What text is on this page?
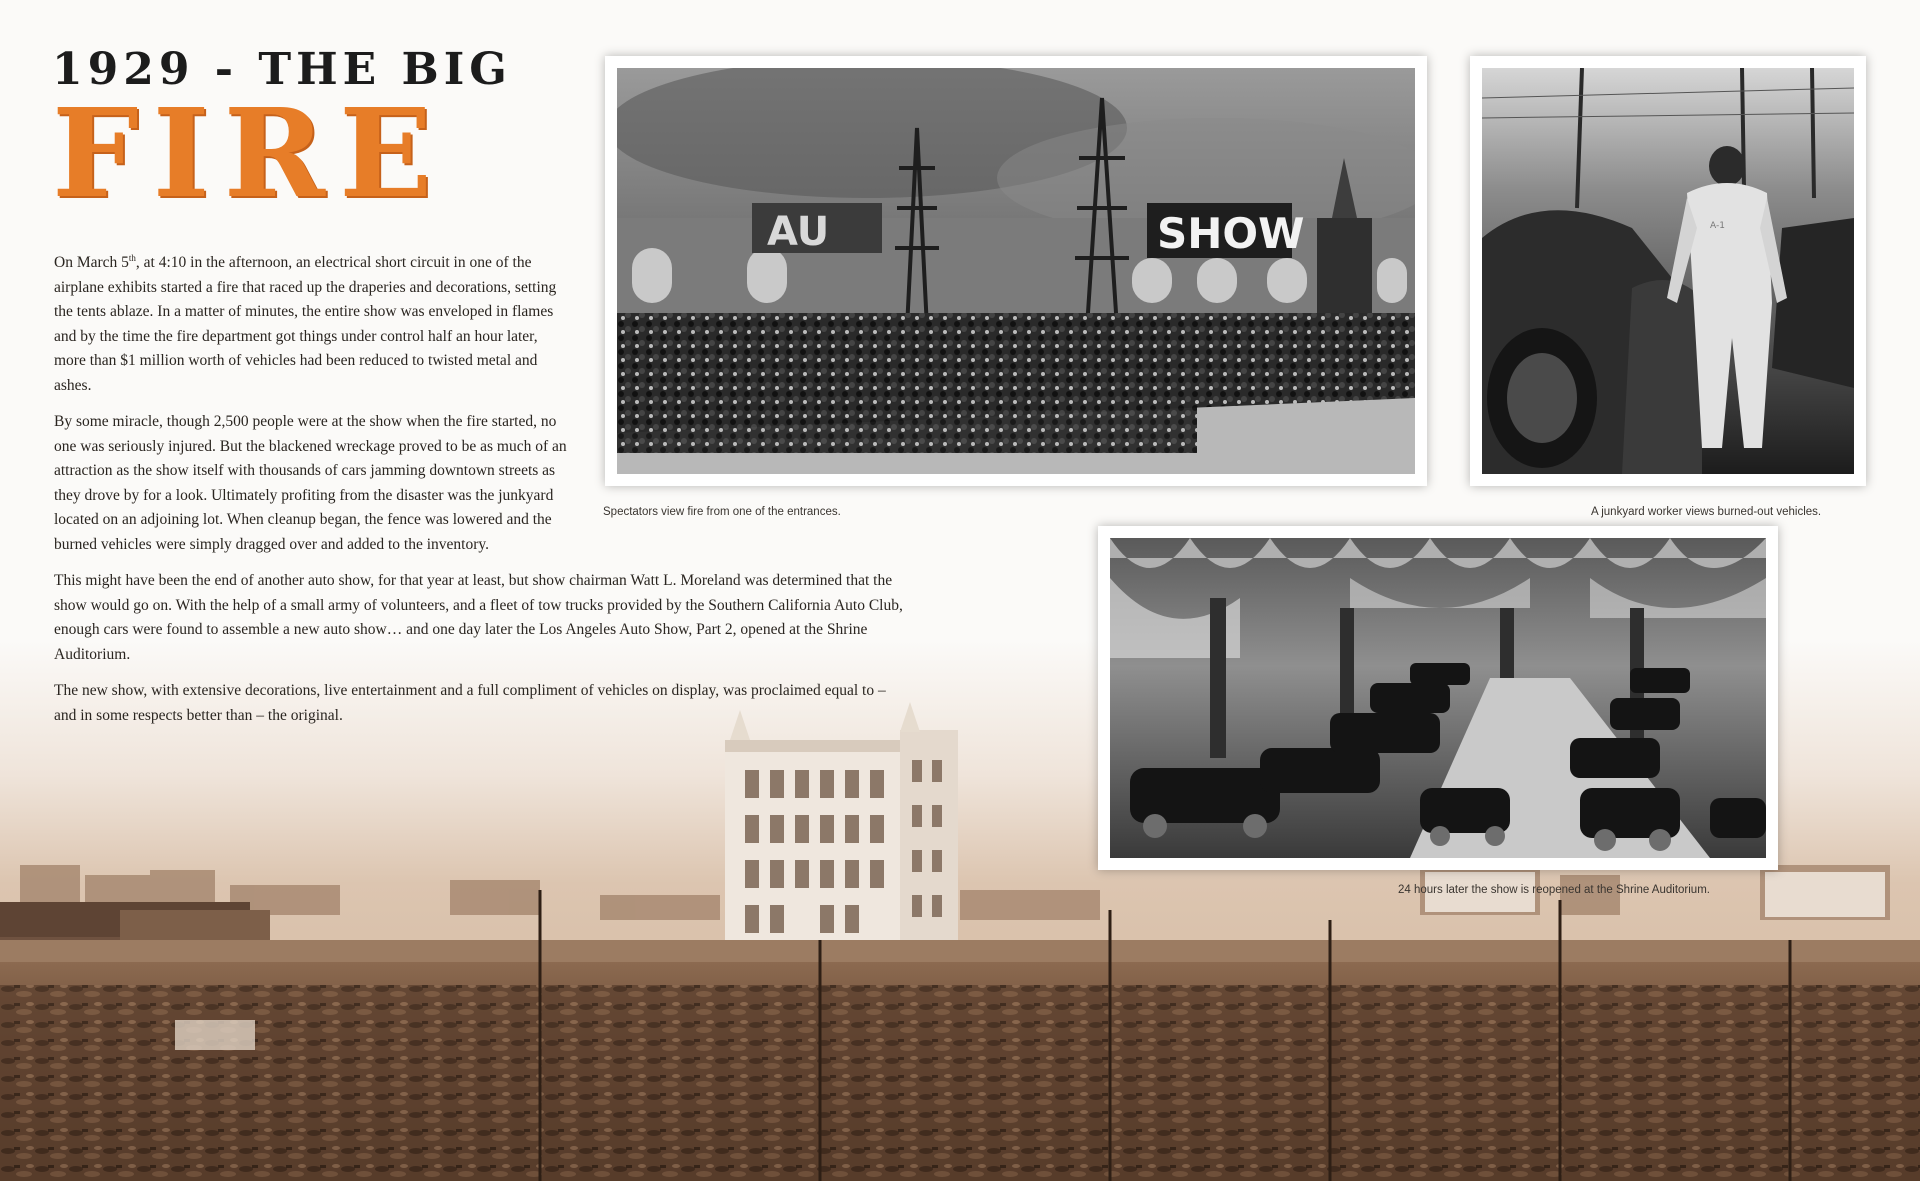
1929 - THE BIG
FIRE

On March 5th, at 4:10 in the afternoon, an electrical short circuit in one of the airplane exhibits started a fire that raced up the draperies and decorations, setting the tents ablaze. In a matter of minutes, the entire show was enveloped in flames and by the time the fire department got things under control half an hour later, more than $1 million worth of vehicles had been reduced to twisted metal and ashes.

By some miracle, though 2,500 people were at the show when the fire started, no one was seriously injured. But the blackened wreckage proved to be as much of an attraction as the show itself with thousands of cars jamming downtown streets as they drove by for a look. Ultimately profiting from the disaster was the junkyard located on an adjoining lot. When cleanup began, the fence was lowered and the burned vehicles were simply dragged over and added to the inventory.

This might have been the end of another auto show, for that year at least, but show chairman Watt L. Moreland was determined that the show would go on. With the help of a small army of volunteers, and a fleet of tow trucks provided by the Southern California Auto Club, enough cars were found to assemble a new auto show… and one day later the Los Angeles Auto Show, Part 2, opened at the Shrine Auditorium.

The new show, with extensive decorations, live entertainment and a full compliment of vehicles on display, was proclaimed equal to – and in some respects better than – the original.

AU	SHOW
Spectators view fire from one of the entrances.
A-1
A junkyard worker views burned-out vehicles.
24 hours later the show is reopened at the Shrine Auditorium.
